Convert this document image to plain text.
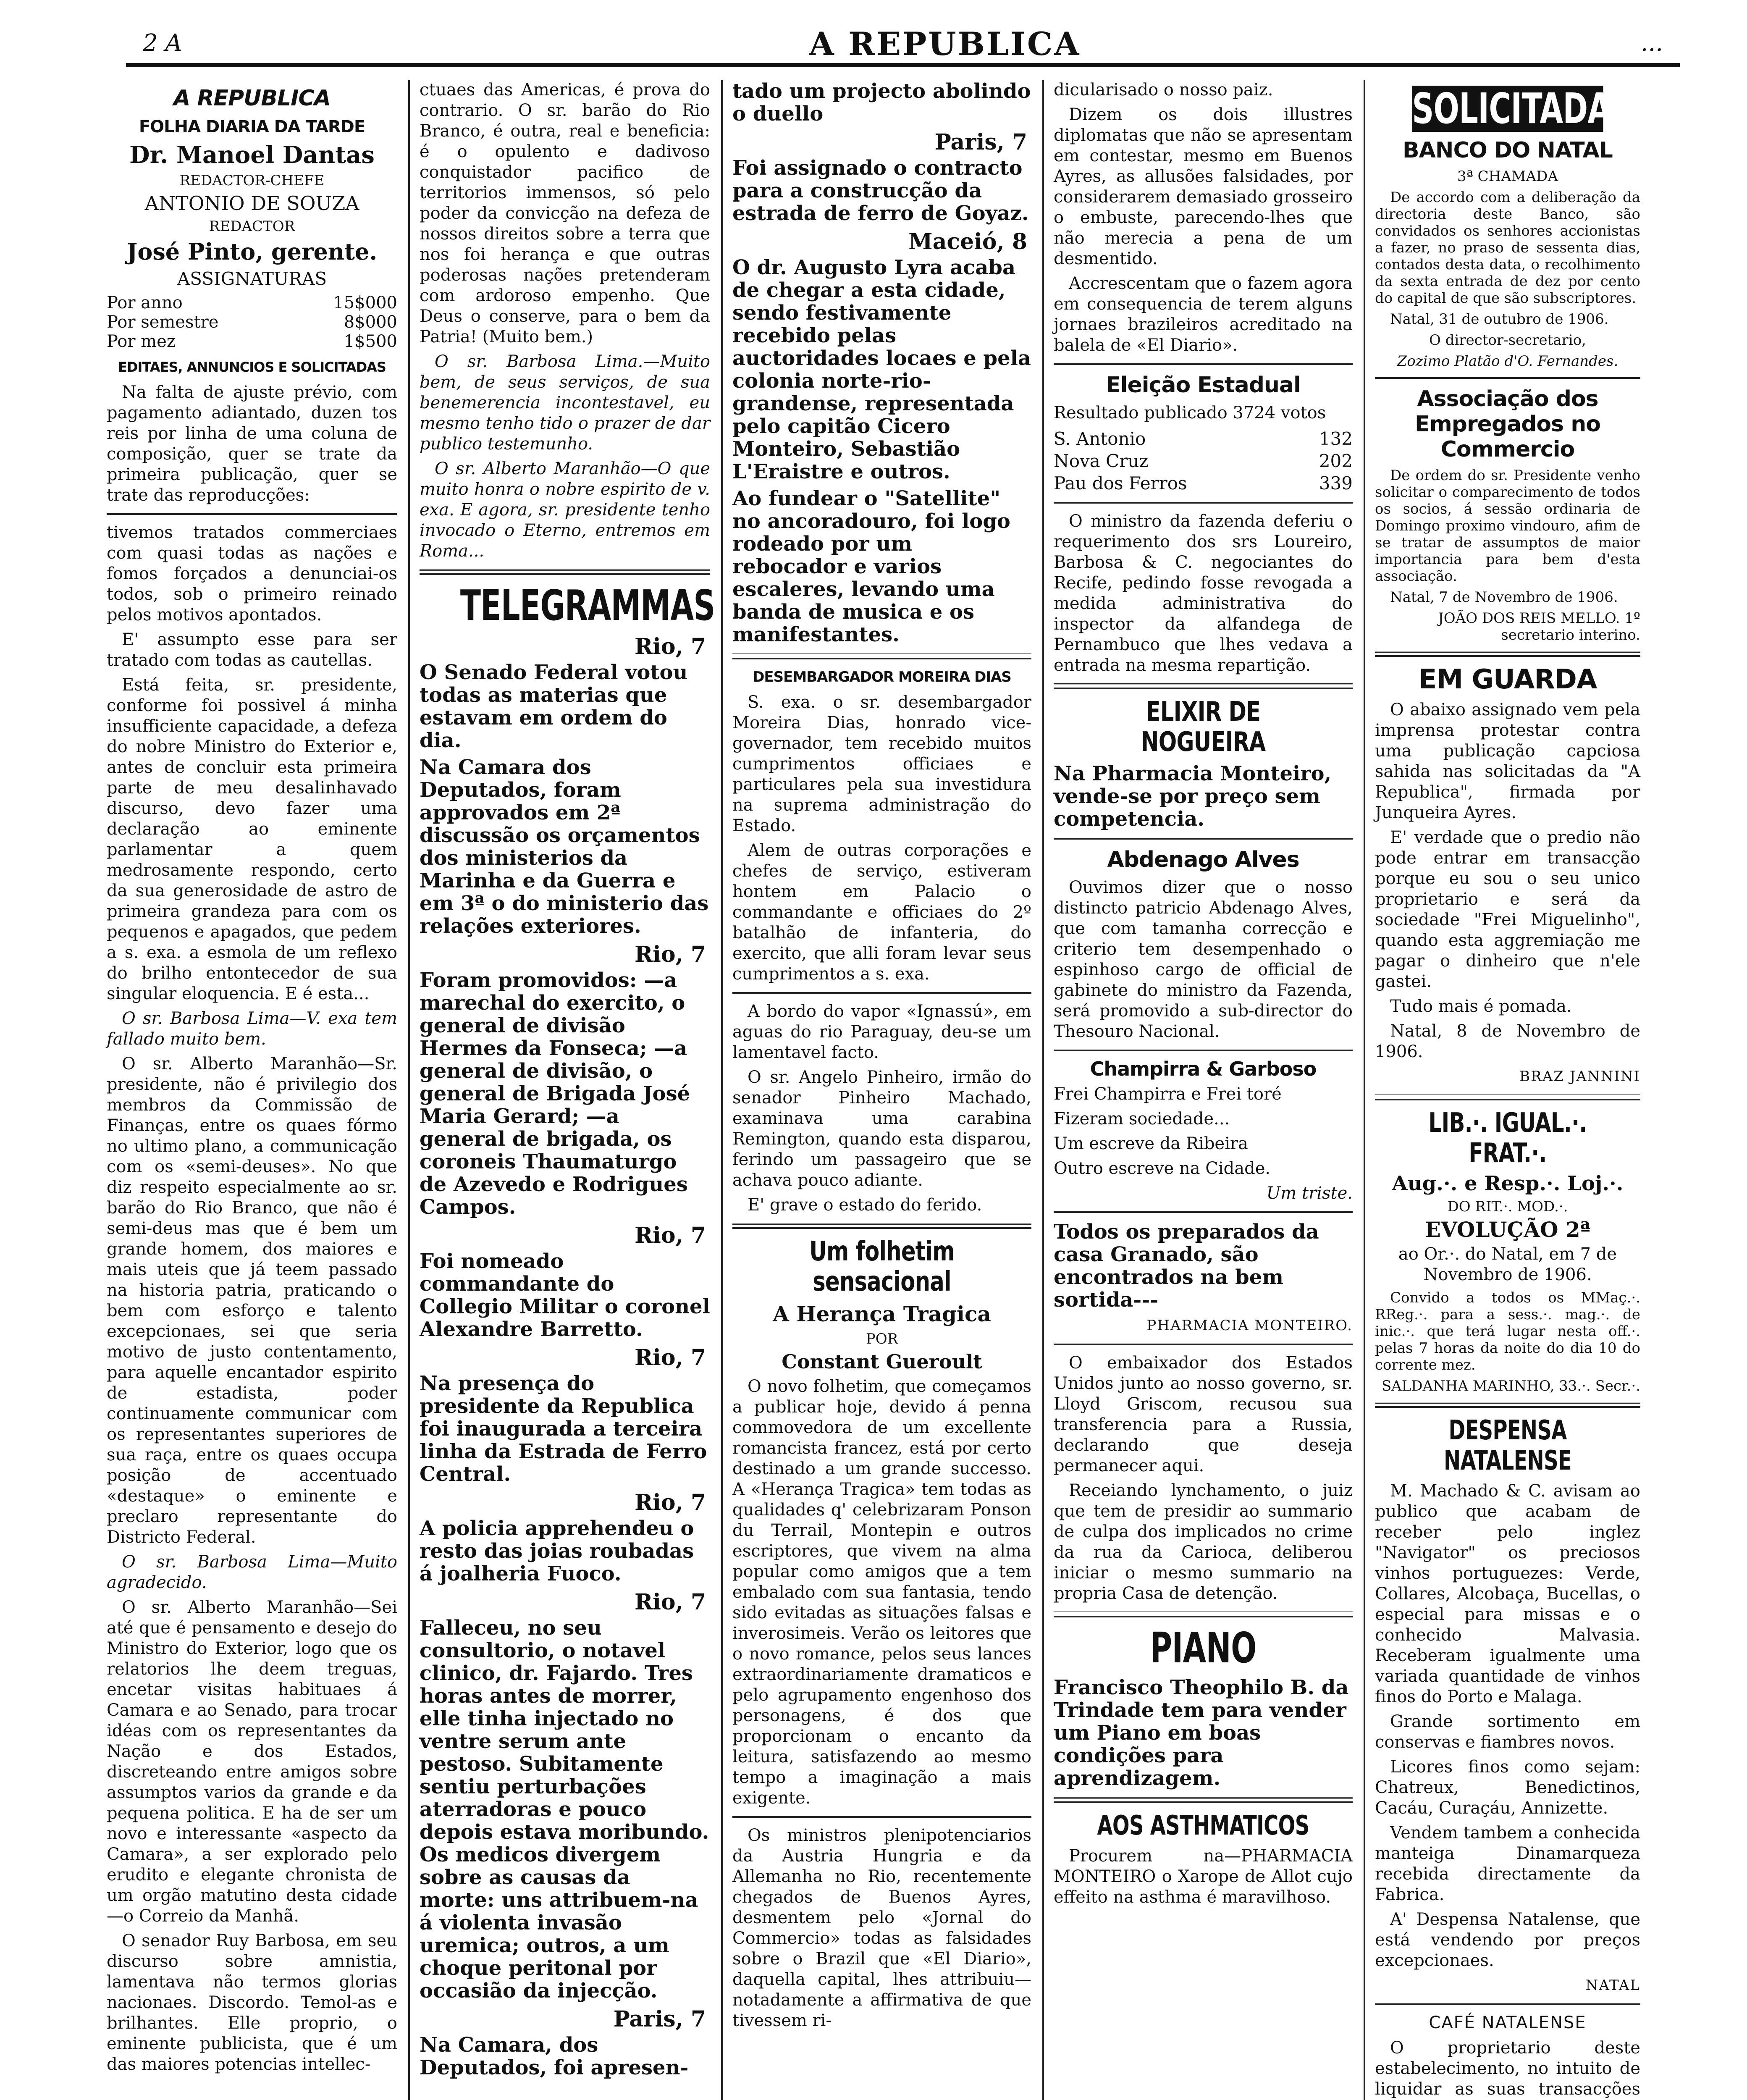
2 A	A REPUBLICA	...
A REPUBLICA
FOLHA DIARIA DA TARDE

Dr. Manoel Dantas

REDACTOR-CHEFE

ANTONIO DE SOUZA

REDACTOR

José Pinto, gerente.

ASSIGNATURAS

Por anno	15$000
Por semestre	8$000
Por mez	1$500
EDITAES, ANNUNCIOS E SOLICITADAS

Na falta de ajuste prévio, com pagamento adiantado, duzen tos reis por linha de uma coluna de composição, quer se trate da primeira publicação, quer se trate das reproducções:

tivemos tratados commerciaes com quasi todas as nações e fomos forçados a denunciai-os todos, sob o primeiro reinado pelos motivos apontados.

E' assumpto esse para ser tratado com todas as cautellas.

Está feita, sr. presidente, conforme foi possivel á minha insufficiente capacidade, a defeza do nobre Ministro do Exterior e, antes de concluir esta primeira parte de meu desalinhavado discurso, devo fazer uma declaração ao eminente parlamentar a quem medrosamente respondo, certo da sua generosidade de astro de primeira grandeza para com os pequenos e apagados, que pedem a s. exa. a esmola de um reflexo do brilho entontecedor de sua singular eloquencia. E é esta...

O sr. Barbosa Lima—V. exa tem fallado muito bem.

O sr. Alberto Maranhão—Sr. presidente, não é privilegio dos membros da Commissão de Finanças, entre os quaes fórmo no ultimo plano, a communicação com os «semi-deuses». No que diz respeito especialmente ao sr. barão do Rio Branco, que não é semi-deus mas que é bem um grande homem, dos maiores e mais uteis que já teem passado na historia patria, praticando o bem com esforço e talento excepcionaes, sei que seria motivo de justo contentamento, para aquelle encantador espirito de estadista, poder continuamente communicar com os representantes superiores de sua raça, entre os quaes occupa posição de accentuado «destaque» o eminente e preclaro representante do Districto Federal.

O sr. Barbosa Lima—Muito agradecido.

O sr. Alberto Maranhão—Sei até que é pensamento e desejo do Ministro do Exterior, logo que os relatorios lhe deem treguas, encetar visitas habituaes á Camara e ao Senado, para trocar idéas com os representantes da Nação e dos Estados, discreteando entre amigos sobre assumptos varios da grande e da pequena politica. E ha de ser um novo e interessante «aspecto da Camara», a ser explorado pelo erudito e elegante chronista de um orgão matutino desta cidade—o Correio da Manhã.

O senador Ruy Barbosa, em seu discurso sobre amnistia, lamentava não termos glorias nacionaes. Discordo. Temol-as e brilhantes. Elle proprio, o eminente publicista, que é um das maiores potencias intellec-

ctuaes das Americas, é prova do contrario. O sr. barão do Rio Branco, é outra, real e beneficia: é o opulento e dadivoso conquistador pacifico de territorios immensos, só pelo poder da convicção na defeza de nossos direitos sobre a terra que nos foi herança e que outras poderosas nações pretenderam com ardoroso empenho. Que Deus o conserve, para o bem da Patria! (Muito bem.)

O sr. Barbosa Lima.—Muito bem, de seus serviços, de sua benemerencia incontestavel, eu mesmo tenho tido o prazer de dar publico testemunho.

O sr. Alberto Maranhão—O que muito honra o nobre espirito de v. exa. E agora, sr. presidente tenho invocado o Eterno, entremos em Roma...

TELEGRAMMAS
Rio, 7

O Senado Federal votou todas as materias que estavam em ordem do dia.

Na Camara dos Deputados, foram approvados em 2ª discussão os orçamentos dos ministerios da Marinha e da Guerra e em 3ª o do ministerio das relações exteriores.

Rio, 7

Foram promovidos: —a marechal do exercito, o general de divisão Hermes da Fonseca; —a general de divisão, o general de Brigada José Maria Gerard; —a general de brigada, os coroneis Thaumaturgo de Azevedo e Rodrigues Campos.

Rio, 7

Foi nomeado commandante do Collegio Militar o coronel Alexandre Barretto.

Rio, 7

Na presença do presidente da Republica foi inaugurada a terceira linha da Estrada de Ferro Central.

Rio, 7

A policia apprehendeu o resto das joias roubadas á joalheria Fuoco.

Rio, 7

Falleceu, no seu consultorio, o notavel clinico, dr. Fajardo. Tres horas antes de morrer, elle tinha injectado no ventre serum ante pestoso. Subitamente sentiu perturbações aterradoras e pouco depois estava moribundo. Os medicos divergem sobre as causas da morte: uns attribuem-na á violenta invasão uremica; outros, a um choque peritonal por occasião da injecção.

Paris, 7

Na Camara, dos Deputados, foi apresen-

tado um projecto abolindo o duello

Paris, 7

Foi assignado o contracto para a construcção da estrada de ferro de Goyaz.

Maceió, 8

O dr. Augusto Lyra acaba de chegar a esta cidade, sendo festivamente recebido pelas auctoridades locaes e pela colonia norte-rio-grandense, representada pelo capitão Cicero Monteiro, Sebastião L'Eraistre e outros.

Ao fundear o "Satellite" no ancoradouro, foi logo rodeado por um rebocador e varios escaleres, levando uma banda de musica e os manifestantes.

DESEMBARGADOR MOREIRA DIAS

S. exa. o sr. desembargador Moreira Dias, honrado vice-governador, tem recebido muitos cumprimentos officiaes e particulares pela sua investidura na suprema administração do Estado.

Alem de outras corporações e chefes de serviço, estiveram hontem em Palacio o commandante e officiaes do 2º batalhão de infanteria, do exercito, que alli foram levar seus cumprimentos a s. exa.

A bordo do vapor «Ignassú», em aguas do rio Paraguay, deu-se um lamentavel facto.

O sr. Angelo Pinheiro, irmão do senador Pinheiro Machado, examinava uma carabina Remington, quando esta disparou, ferindo um passageiro que se achava pouco adiante.

E' grave o estado do ferido.

Um folhetim sensacional

A Herança Tragica

POR

Constant Gueroult

O novo folhetim, que começamos a publicar hoje, devido á penna commovedora de um excellente romancista francez, está por certo destinado a um grande successo. A «Herança Tragica» tem todas as qualidades q' celebrizaram Ponson du Terrail, Montepin e outros escriptores, que vivem na alma popular como amigos que a tem embalado com sua fantasia, tendo sido evitadas as situações falsas e inverosimeis. Verão os leitores que o novo romance, pelos seus lances extraordinariamente dramaticos e pelo agrupamento engenhoso dos personagens, é dos que proporcionam o encanto da leitura, satisfazendo ao mesmo tempo a imaginação a mais exigente.

Os ministros plenipotenciarios da Austria Hungria e da Allemanha no Rio, recentemente chegados de Buenos Ayres, desmentem pelo «Jornal do Commercio» todas as falsidades sobre o Brazil que «El Diario», daquella capital, lhes attribuiu—notadamente a affirmativa de que tivessem ri-

dicularisado o nosso paiz.

Dizem os dois illustres diplomatas que não se apresentam em contestar, mesmo em Buenos Ayres, as allusões falsidades, por considerarem demasiado grosseiro o embuste, parecendo-lhes que não merecia a pena de um desmentido.

Accrescentam que o fazem agora em consequencia de terem alguns jornaes brazileiros acreditado na balela de «El Diario».

Eleição Estadual

Resultado publicado 3724 votos

S. Antonio	132
Nova Cruz	202
Pau dos Ferros	339

O ministro da fazenda deferiu o requerimento dos srs Loureiro, Barbosa & C. negociantes do Recife, pedindo fosse revogada a medida administrativa do inspector da alfandega de Pernambuco que lhes vedava a entrada na mesma repartição.

ELIXIR DE NOGUEIRA

Na Pharmacia Monteiro, vende-se por preço sem competencia.

Abdenago Alves

Ouvimos dizer que o nosso distincto patricio Abdenago Alves, que com tamanha correcção e criterio tem desempenhado o espinhoso cargo de official de gabinete do ministro da Fazenda, será promovido a sub-director do Thesouro Nacional.

Champirra & Garboso

Frei Champirra e Frei toré

Fizeram sociedade...

Um escreve da Ribeira

Outro escreve na Cidade.

Um triste.

Todos os preparados da casa Granado, são encontrados na bem sortida---

PHARMACIA MONTEIRO.

O embaixador dos Estados Unidos junto ao nosso governo, sr. Lloyd Griscom, recusou sua transferencia para a Russia, declarando que deseja permanecer aqui.

Receiando lynchamento, o juiz que tem de presidir ao summario de culpa dos implicados no crime da rua da Carioca, deliberou iniciar o mesmo summario na propria Casa de detenção.

PIANO

Francisco Theophilo B. da Trindade tem para vender um Piano em boas condições para aprendizagem.

AOS ASTHMATICOS

Procurem na—PHARMACIA MONTEIRO o Xarope de Allot cujo effeito na asthma é maravilhoso.

SOLICITADAS
BANCO DO NATAL

3ª CHAMADA

De accordo com a deliberação da directoria deste Banco, são convidados os senhores accionistas a fazer, no praso de sessenta dias, contados desta data, o recolhimento da sexta entrada de dez por cento do capital de que são subscriptores.

Natal, 31 de outubro de 1906.

O director-secretario,

Zozimo Platão d'O. Fernandes.

Associação dos Empregados no Commercio

De ordem do sr. Presidente venho solicitar o comparecimento de todos os socios, á sessão ordinaria de Domingo proximo vindouro, afim de se tratar de assumptos de maior importancia para bem d'esta associação.

Natal, 7 de Novembro de 1906.

JOÃO DOS REIS MELLO. 1º secretario interino.

EM GUARDA

O abaixo assignado vem pela imprensa protestar contra uma publicação capciosa sahida nas solicitadas da "A Republica", firmada por Junqueira Ayres.

E' verdade que o predio não pode entrar em transacção porque eu sou o seu unico proprietario e será da sociedade "Frei Miguelinho", quando esta aggremiação me pagar o dinheiro que n'ele gastei.

Tudo mais é pomada.

Natal, 8 de Novembro de 1906.

BRAZ JANNINI

LIB.·. IGUAL.·. FRAT.·.

Aug.·. e Resp.·. Loj.·.

DO RIT.·. MOD.·.

EVOLUÇÃO 2ª

ao Or.·. do Natal, em 7 de Novembro de 1906.

Convido a todos os MMaç.·. RReg.·. para a sess.·. mag.·. de inic.·. que terá lugar nesta off.·. pelas 7 horas da noite do dia 10 do corrente mez.

SALDANHA MARINHO, 33.·. Secr.·.

DESPENSA NATALENSE

M. Machado & C. avisam ao publico que acabam de receber pelo inglez "Navigator" os preciosos vinhos portuguezes: Verde, Collares, Alcobaça, Bucellas, o especial para missas e o conhecido Malvasia. Receberam igualmente uma variada quantidade de vinhos finos do Porto e Malaga.

Grande sortimento em conservas e fiambres novos.

Licores finos como sejam: Chatreux, Benedictinos, Cacáu, Curaçáu, Annizette.

Vendem tambem a conhecida manteiga Dinamarqueza recebida directamente da Fabrica.

A' Despensa Natalense, que está vendendo por preços excepcionaes.

NATAL

CAFÉ NATALENSE

O proprietario deste estabelecimento, no intuito de liquidar as suas transacções
